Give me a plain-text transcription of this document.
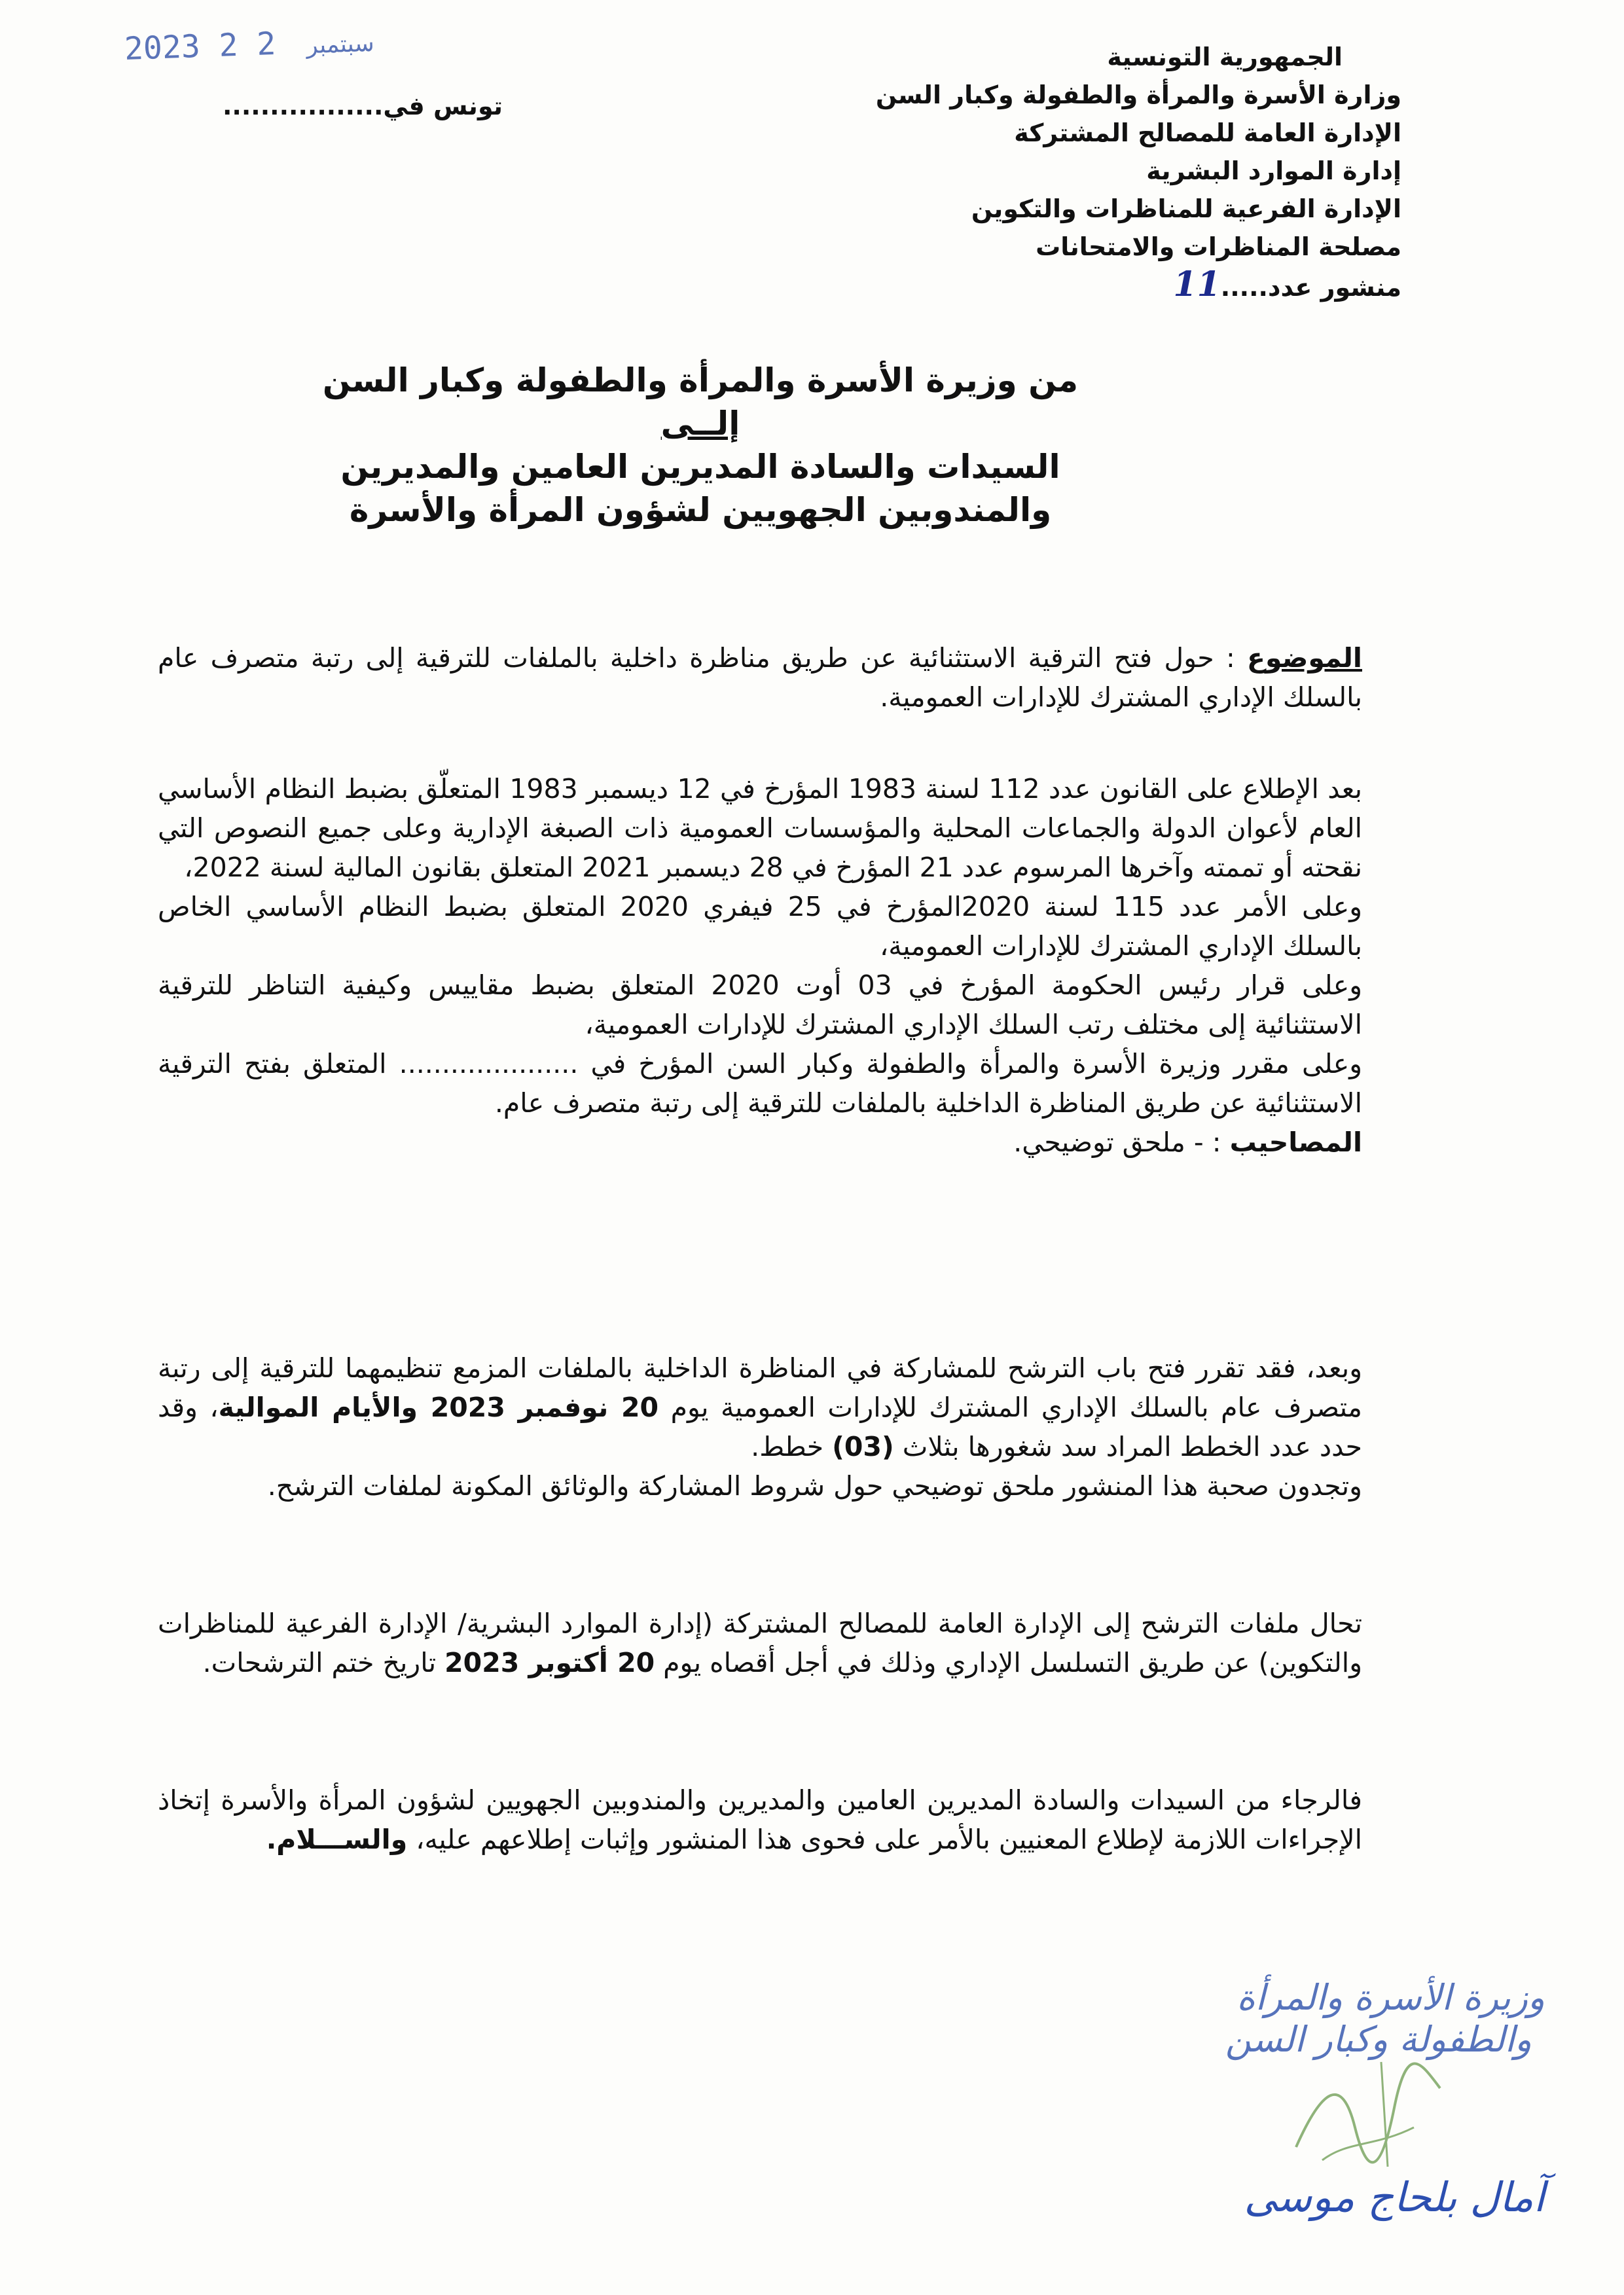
2023	سبتمبر 2 2
تونس في.................
الجمهورية التونسية
وزارة الأسرة والمرأة والطفولة وكبار السن
الإدارة العامة للمصالح المشتركة
إدارة الموارد البشرية
الإدارة الفرعية للمناظرات والتكوين
مصلحة المناظرات والامتحانات
منشور عدد.....11
من وزيرة الأسرة والمرأة والطفولة وكبار السن
إلــى
السيدات والسادة المديرين العامين والمديرين
والمندوبين الجهويين لشؤون المرأة والأسرة

الموضوع : حول فتح الترقية الاستثنائية عن طريق مناظرة داخلية بالملفات للترقية إلى رتبة متصرف عام بالسلك الإداري المشترك للإدارات العمومية.

بعد الإطلاع على القانون عدد 112 لسنة 1983 المؤرخ في 12 ديسمبر 1983 المتعلّق بضبط النظام الأساسي العام لأعوان الدولة والجماعات المحلية والمؤسسات العمومية ذات الصبغة الإدارية وعلى جميع النصوص التي نقحته أو تممته وآخرها المرسوم عدد 21 المؤرخ في 28 ديسمبر 2021 المتعلق بقانون المالية لسنة 2022،

وعلى الأمر عدد 115 لسنة 2020المؤرخ في 25 فيفري 2020 المتعلق بضبط النظام الأساسي الخاص بالسلك الإداري المشترك للإدارات العمومية،

وعلى قرار رئيس الحكومة المؤرخ في 03 أوت 2020 المتعلق بضبط مقاييس وكيفية التناظر للترقية الاستثنائية إلى مختلف رتب السلك الإداري المشترك للإدارات العمومية،

وعلى مقرر وزيرة الأسرة والمرأة والطفولة وكبار السن المؤرخ في ..................... المتعلق بفتح الترقية الاستثنائية عن طريق المناظرة الداخلية بالملفات للترقية إلى رتبة متصرف عام.

المصاحيب : - ملحق توضيحي.

وبعد، فقد تقرر فتح باب الترشح للمشاركة في المناظرة الداخلية بالملفات المزمع تنظيمهما للترقية إلى رتبة متصرف عام بالسلك الإداري المشترك للإدارات العمومية يوم 20 نوفمبر 2023 والأيام الموالية، وقد حدد عدد الخطط المراد سد شغورها بثلاث (03) خطط.

وتجدون صحبة هذا المنشور ملحق توضيحي حول شروط المشاركة والوثائق المكونة لملفات الترشح.

تحال ملفات الترشح إلى الإدارة العامة للمصالح المشتركة (إدارة الموارد البشرية/ الإدارة الفرعية للمناظرات والتكوين) عن طريق التسلسل الإداري وذلك في أجل أقصاه يوم 20 أكتوبر 2023 تاريخ ختم الترشحات.

فالرجاء من السيدات والسادة المديرين العامين والمديرين والمندوبين الجهويين لشؤون المرأة والأسرة إتخاذ الإجراءات اللازمة لإطلاع المعنيين بالأمر على فحوى هذا المنشور وإثبات إطلاعهم عليه، والســـلام.

وزيرة الأسرة والمرأة
والطفولة وكبار السن
آمال بلحاج موسى
